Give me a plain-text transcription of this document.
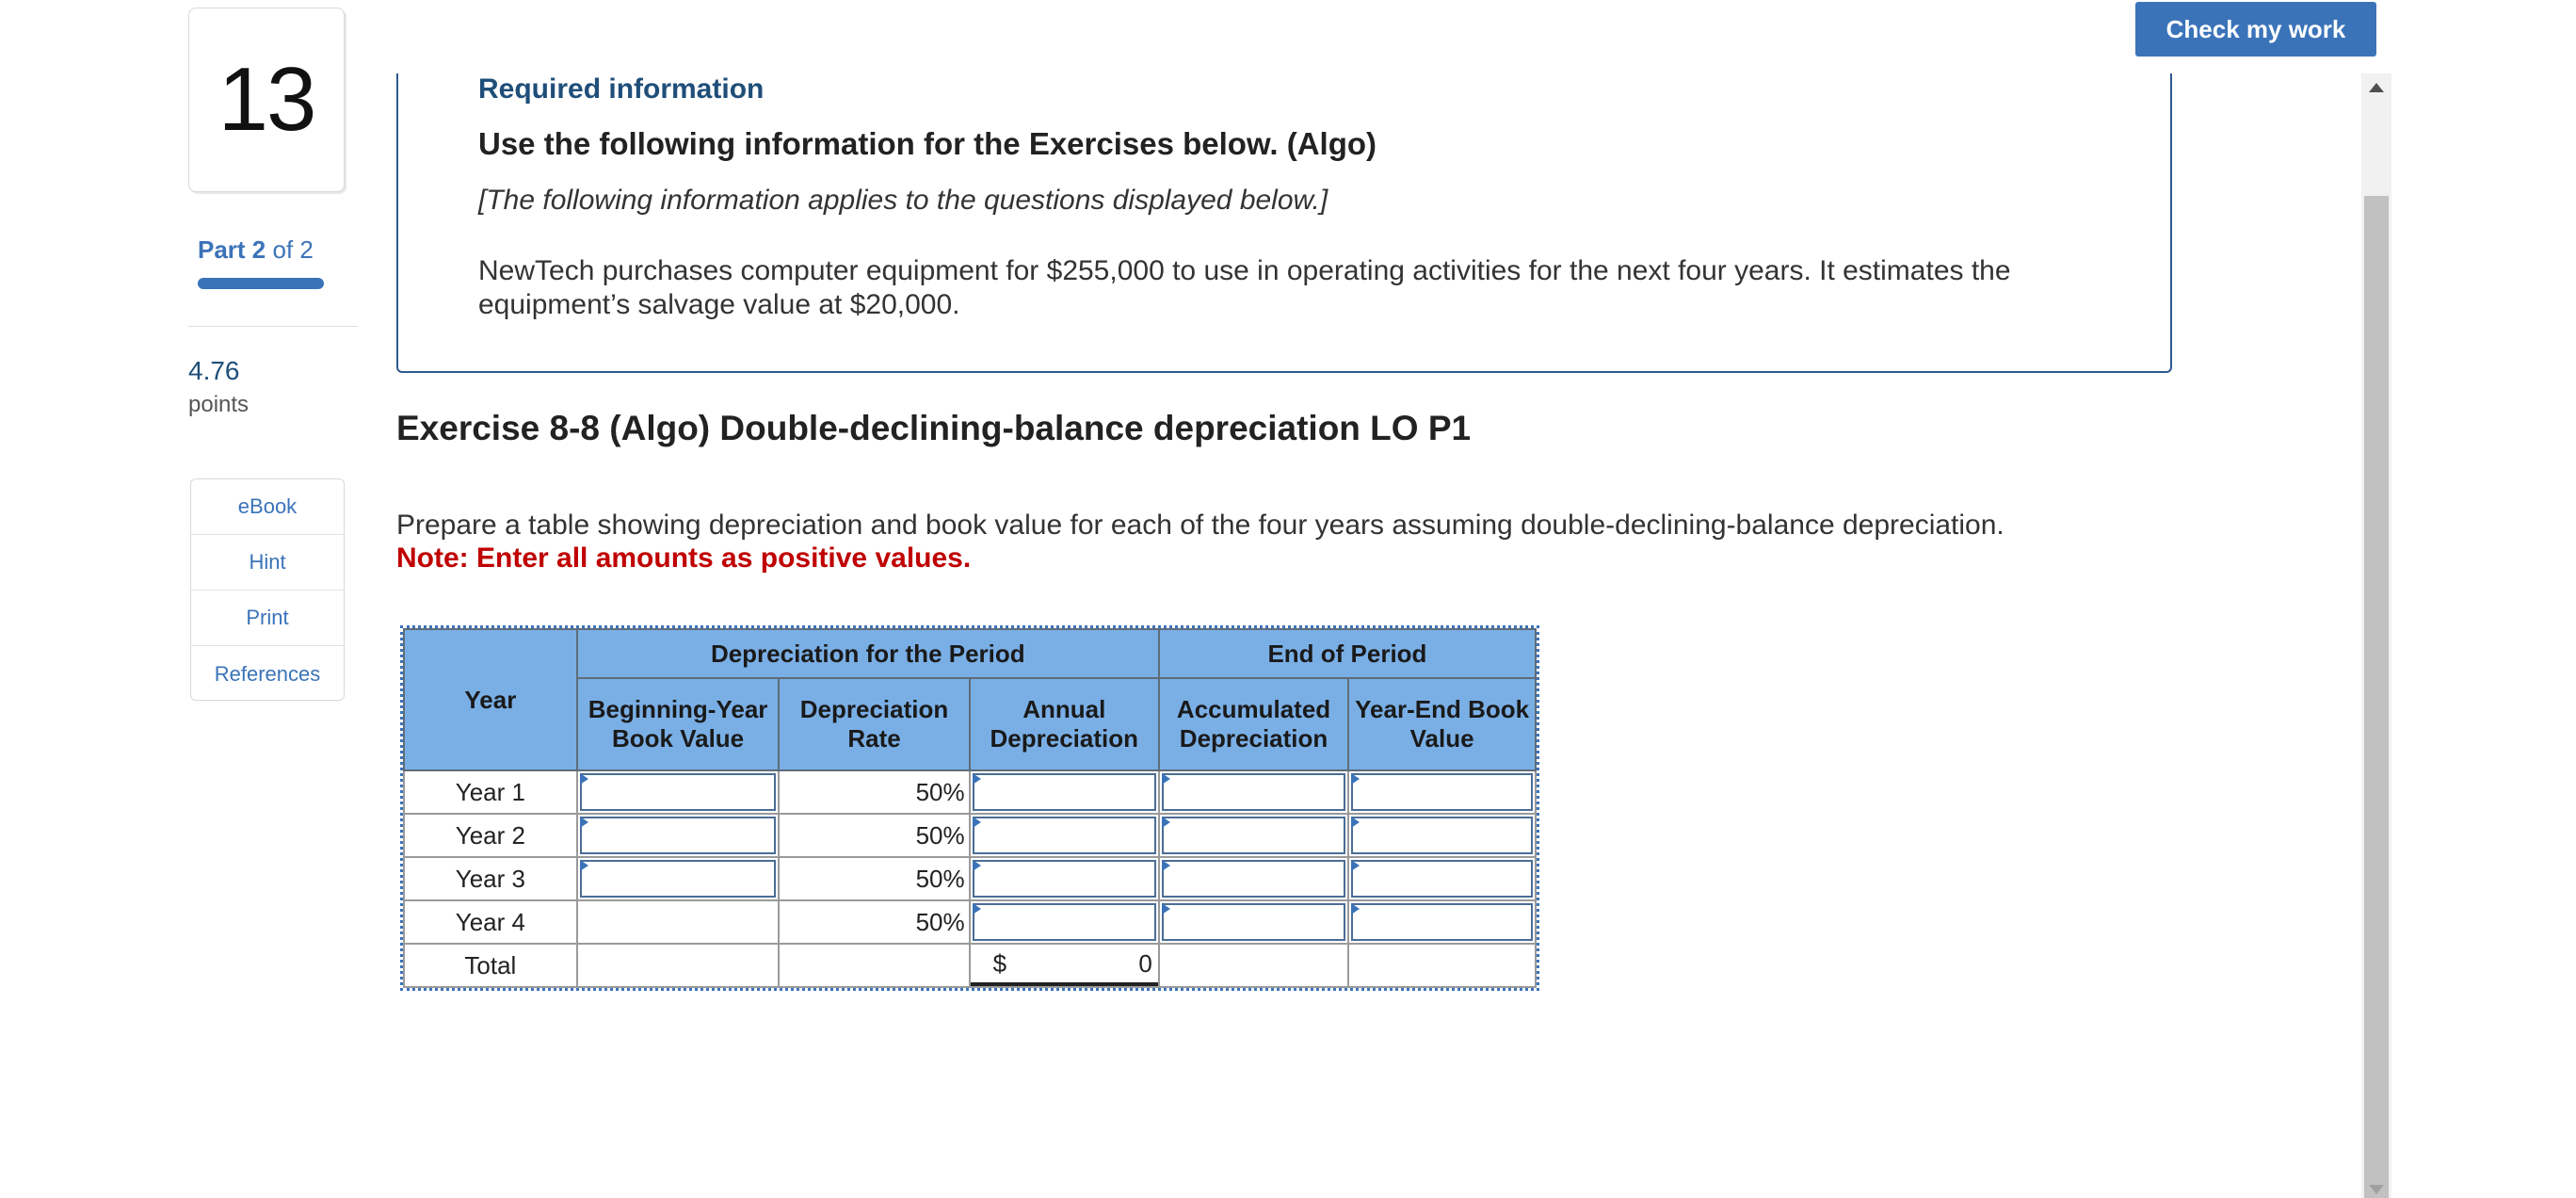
Check my work
13
Part 2 of 2
4.76
points
eBook
Hint
Print
References
Required information
Use the following information for the Exercises below. (Algo)
[The following information applies to the questions displayed below.]
NewTech purchases computer equipment for $255,000 to use in operating activities for the next four years. It estimates the equipment’s salvage value at $20,000.
Exercise 8-8 (Algo) Double-declining-balance depreciation LO P1
Prepare a table showing depreciation and book value for each of the four years assuming double-declining-balance depreciation.
Note: Enter all amounts as positive values.
Year	Depreciation for the Period			End of Period	
	Beginning-Year Book Value	Depreciation Rate	Annual Depreciation	Accumulated Depreciation	Year-End Book Value
Year 1		50%	

Year 2		50%	

Year 3		50%	

Year 4		50%	

Total			$ 0		
